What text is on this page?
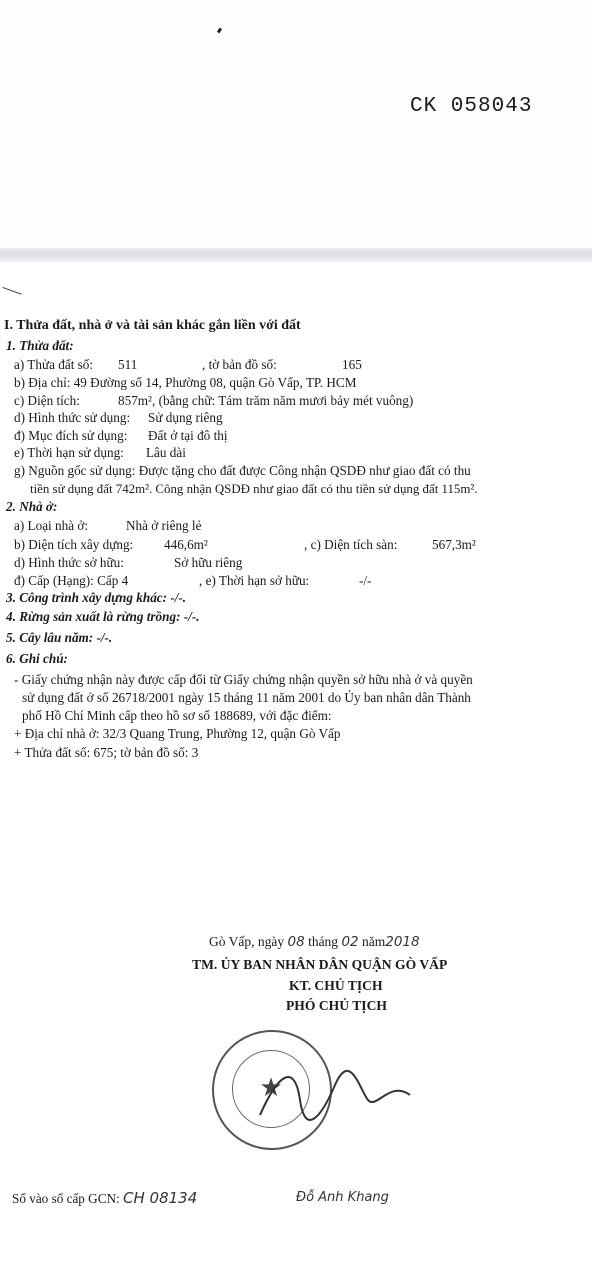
CK 058043
I. Thửa đất, nhà ở và tài sản khác gắn liền với đất
1. Thửa đất:
a) Thửa đất số: 511	, tờ bản đồ số:	165
b) Địa chỉ: 49 Đường số 14, Phường 08, quận Gò Vấp, TP. HCM
c) Diện tích:	857m², (bằng chữ: Tám trăm năm mươi bảy mét vuông)
d) Hình thức sử dụng: Sử dụng riêng
đ) Mục đích sử dụng: Đất ở tại đô thị
e) Thời hạn sử dụng: Lâu dài
g) Nguồn gốc sử dụng: Được tặng cho đất được Công nhận QSDĐ như giao đất có thu
tiền sử dụng đất 742m². Công nhận QSDĐ như giao đất có thu tiền sử dụng đất 115m².
2. Nhà ở:
a) Loại nhà ở:	Nhà ở riêng lẻ
b) Diện tích xây dựng: 446,6m²	, c) Diện tích sàn:	567,3m²
d) Hình thức sở hữu:	Sở hữu riêng
đ) Cấp (Hạng): Cấp 4	, e) Thời hạn sở hữu:	-/-
3. Công trình xây dựng khác: -/-.
4. Rừng sản xuất là rừng trồng: -/-.
5. Cây lâu năm: -/-.
6. Ghi chú:
- Giấy chứng nhận này được cấp đổi từ Giấy chứng nhận quyền sở hữu nhà ở và quyền
sử dụng đất ở số 26718/2001 ngày 15 tháng 11 năm 2001 do Ủy ban nhân dân Thành
phố Hồ Chí Minh cấp theo hồ sơ số 188689, với đặc điểm:
+ Địa chỉ nhà ở: 32/3 Quang Trung, Phường 12, quận Gò Vấp
+ Thửa đất số: 675; tờ bản đồ số: 3
Gò Vấp, ngày 08 tháng 02 năm2018
TM. ỦY BAN NHÂN DÂN QUẬN GÒ VẤP
KT. CHỦ TỊCH
PHÓ CHỦ TỊCH
★
Đỗ Anh Khang
Số vào sổ cấp GCN: CH 08134
